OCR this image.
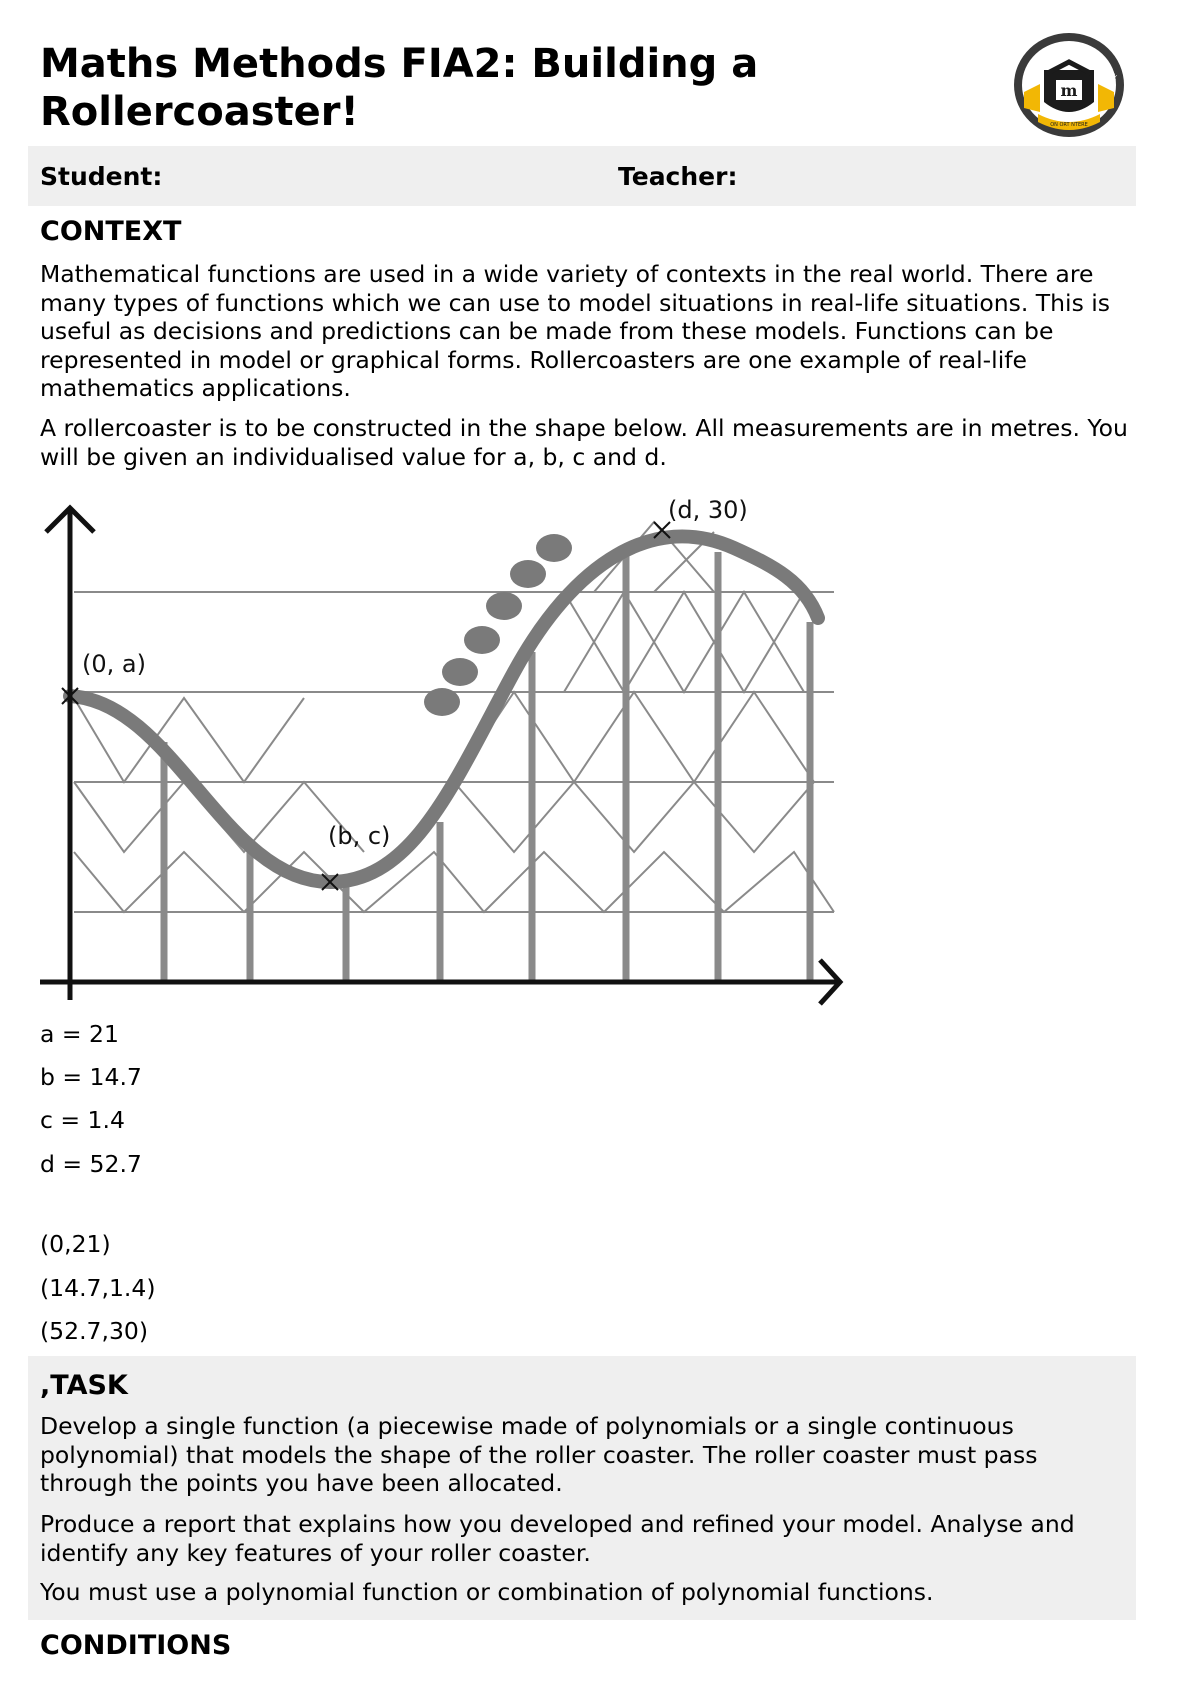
Maths Methods FIA2: Building a Rollercoaster!	m
KEDRON
HIGH	SCHOOL
ON ORT NTERE
Student:	Teacher:
CONTEXT

Mathematical functions are used in a wide variety of contexts in the real world. There are many types of functions which we can use to model situations in real-life situations. This is useful as decisions and predictions can be made from these models. Functions can be represented in model or graphical forms. Rollercoasters are one example of real-life mathematics applications.

A rollercoaster is to be constructed in the shape below. All measurements are in metres. You will be given an individualised value for a, b, c and d.

(0, a)
(b, c)
(d, 30)

a = 21

b = 14.7

c = 1.4

d = 52.7

(0,21)

(14.7,1.4)

(52.7,30)

,TASK

Develop a single function (a piecewise made of polynomials or a single continuous polynomial) that models the shape of the roller coaster. The roller coaster must pass through the points you have been allocated.

Produce a report that explains how you developed and refined your model. Analyse and identify any key features of your roller coaster.

You must use a polynomial function or combination of polynomial functions.

CONDITIONS
